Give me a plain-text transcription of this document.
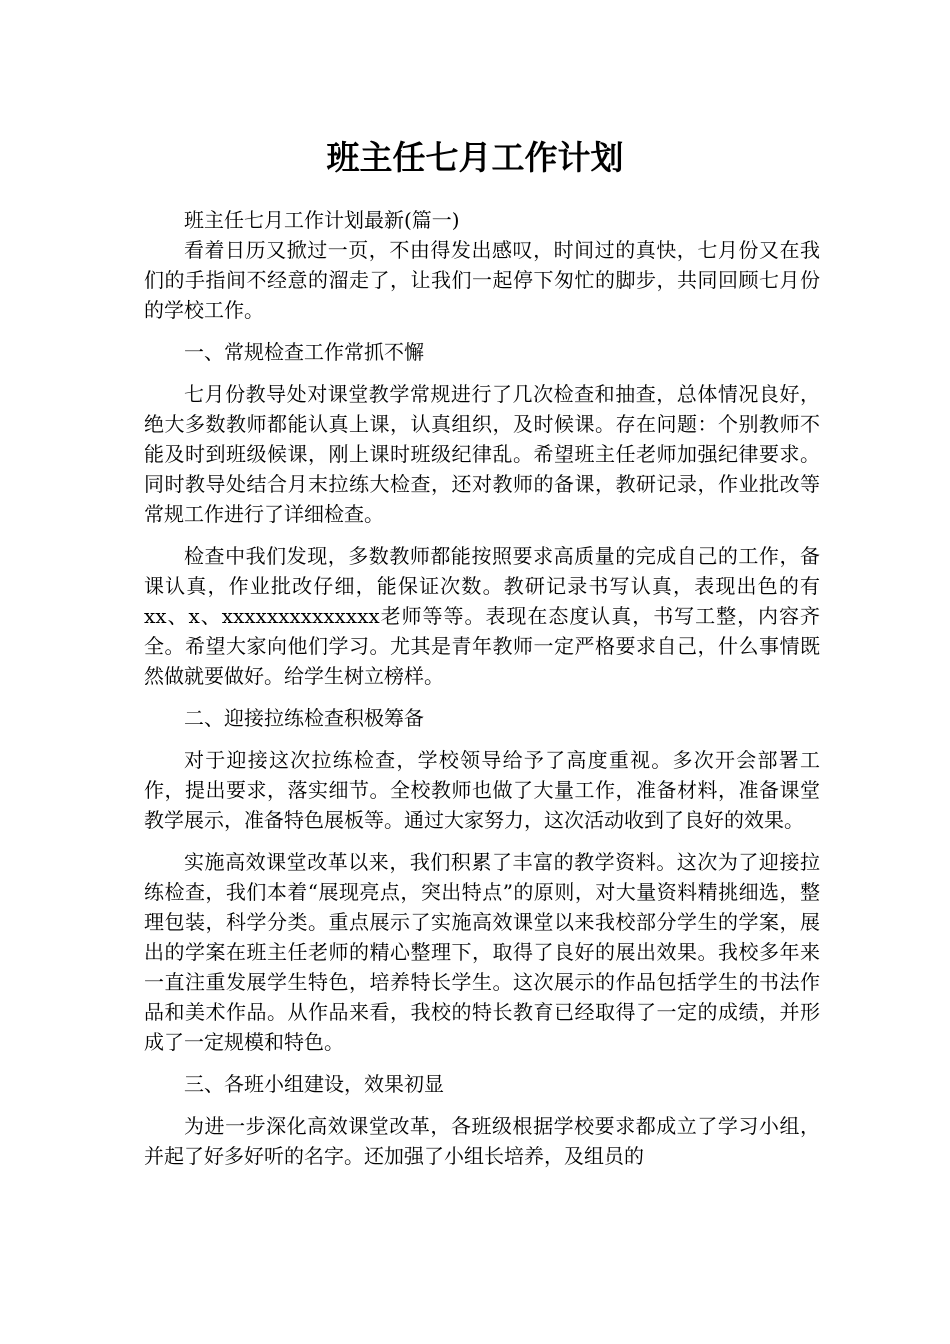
班主任七月工作计划

班主任七月工作计划最新(篇一)

看着日历又掀过一页，不由得发出感叹，时间过的真快，七月份又在我们的手指间不经意的溜走了，让我们一起停下匆忙的脚步，共同回顾七月份的学校工作。

一、常规检查工作常抓不懈

七月份教导处对课堂教学常规进行了几次检查和抽查，总体情况良好，绝大多数教师都能认真上课，认真组织，及时候课。存在问题：个别教师不能及时到班级候课，刚上课时班级纪律乱。希望班主任老师加强纪律要求。同时教导处结合月末拉练大检查，还对教师的备课，教研记录，作业批改等常规工作进行了详细检查。

检查中我们发现，多数教师都能按照要求高质量的完成自己的工作，备课认真，作业批改仔细，能保证次数。教研记录书写认真，表现出色的有xx、x、xxxxxxxxxxxxxx老师等等。表现在态度认真，书写工整，内容齐全。希望大家向他们学习。尤其是青年教师一定严格要求自己，什么事情既然做就要做好。给学生树立榜样。

二、迎接拉练检查积极筹备

对于迎接这次拉练检查，学校领导给予了高度重视。多次开会部署工作，提出要求，落实细节。全校教师也做了大量工作，准备材料，准备课堂教学展示，准备特色展板等。通过大家努力，这次活动收到了良好的效果。

实施高效课堂改革以来，我们积累了丰富的教学资料。这次为了迎接拉练检查，我们本着“展现亮点，突出特点”的原则，对大量资料精挑细选，整理包装，科学分类。重点展示了实施高效课堂以来我校部分学生的学案，展出的学案在班主任老师的精心整理下，取得了良好的展出效果。我校多年来一直注重发展学生特色，培养特长学生。这次展示的作品包括学生的书法作品和美术作品。从作品来看，我校的特长教育已经取得了一定的成绩，并形成了一定规模和特色。

三、各班小组建设，效果初显

为进一步深化高效课堂改革，各班级根据学校要求都成立了学习小组，并起了好多好听的名字。还加强了小组长培养，及组员的
